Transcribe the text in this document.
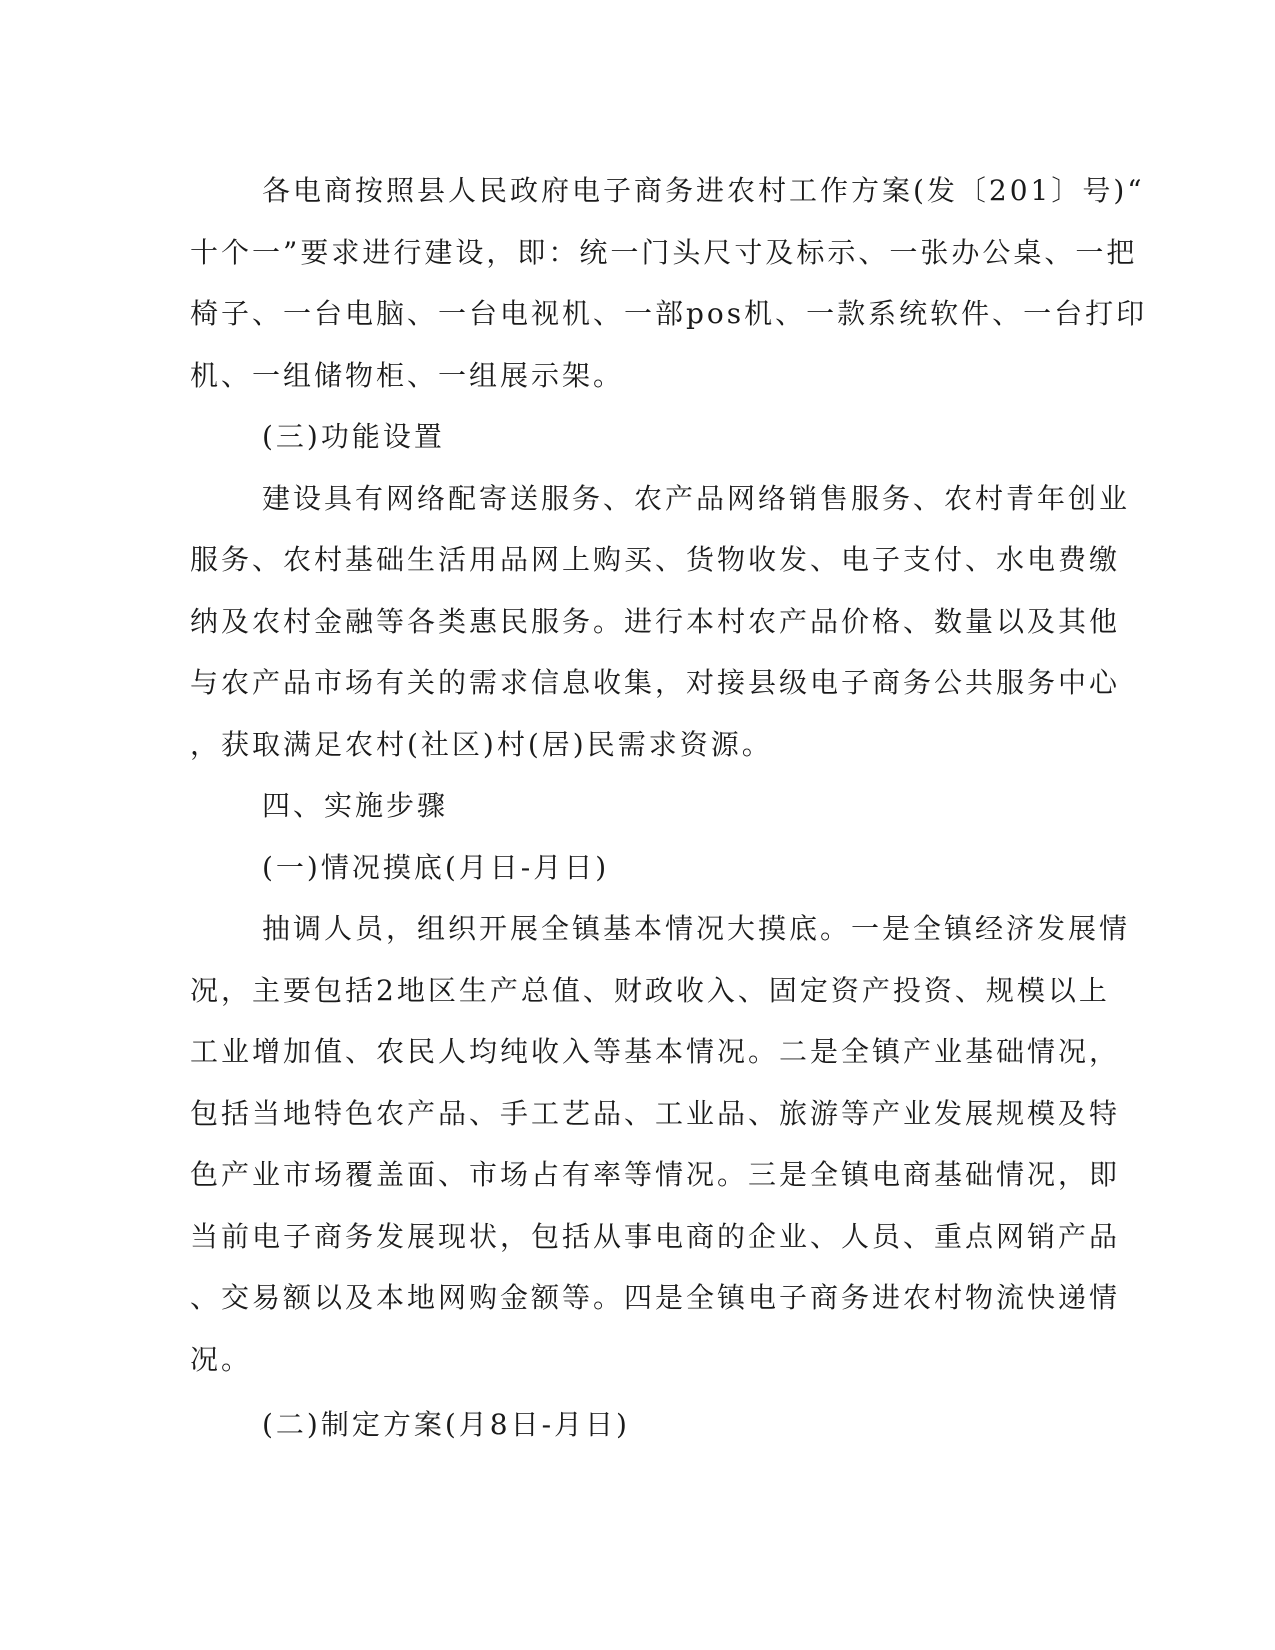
各电商按照县人民政府电子商务进农村工作方案(发〔201〕号)“
十个一”要求进行建设，即：统一门头尺寸及标示、一张办公桌、一把
椅子、一台电脑、一台电视机、一部pos机、一款系统软件、一台打印
机、一组储物柜、一组展示架。
(三)功能设置
建设具有网络配寄送服务、农产品网络销售服务、农村青年创业
服务、农村基础生活用品网上购买、货物收发、电子支付、水电费缴
纳及农村金融等各类惠民服务。进行本村农产品价格、数量以及其他
与农产品市场有关的需求信息收集，对接县级电子商务公共服务中心
，获取满足农村(社区)村(居)民需求资源。
四、实施步骤
(一)情况摸底(月日-月日)
抽调人员，组织开展全镇基本情况大摸底。一是全镇经济发展情
况，主要包括2地区生产总值、财政收入、固定资产投资、规模以上
工业增加值、农民人均纯收入等基本情况。二是全镇产业基础情况，
包括当地特色农产品、手工艺品、工业品、旅游等产业发展规模及特
色产业市场覆盖面、市场占有率等情况。三是全镇电商基础情况，即
当前电子商务发展现状，包括从事电商的企业、人员、重点网销产品
、交易额以及本地网购金额等。四是全镇电子商务进农村物流快递情
况。
(二)制定方案(月8日-月日)
